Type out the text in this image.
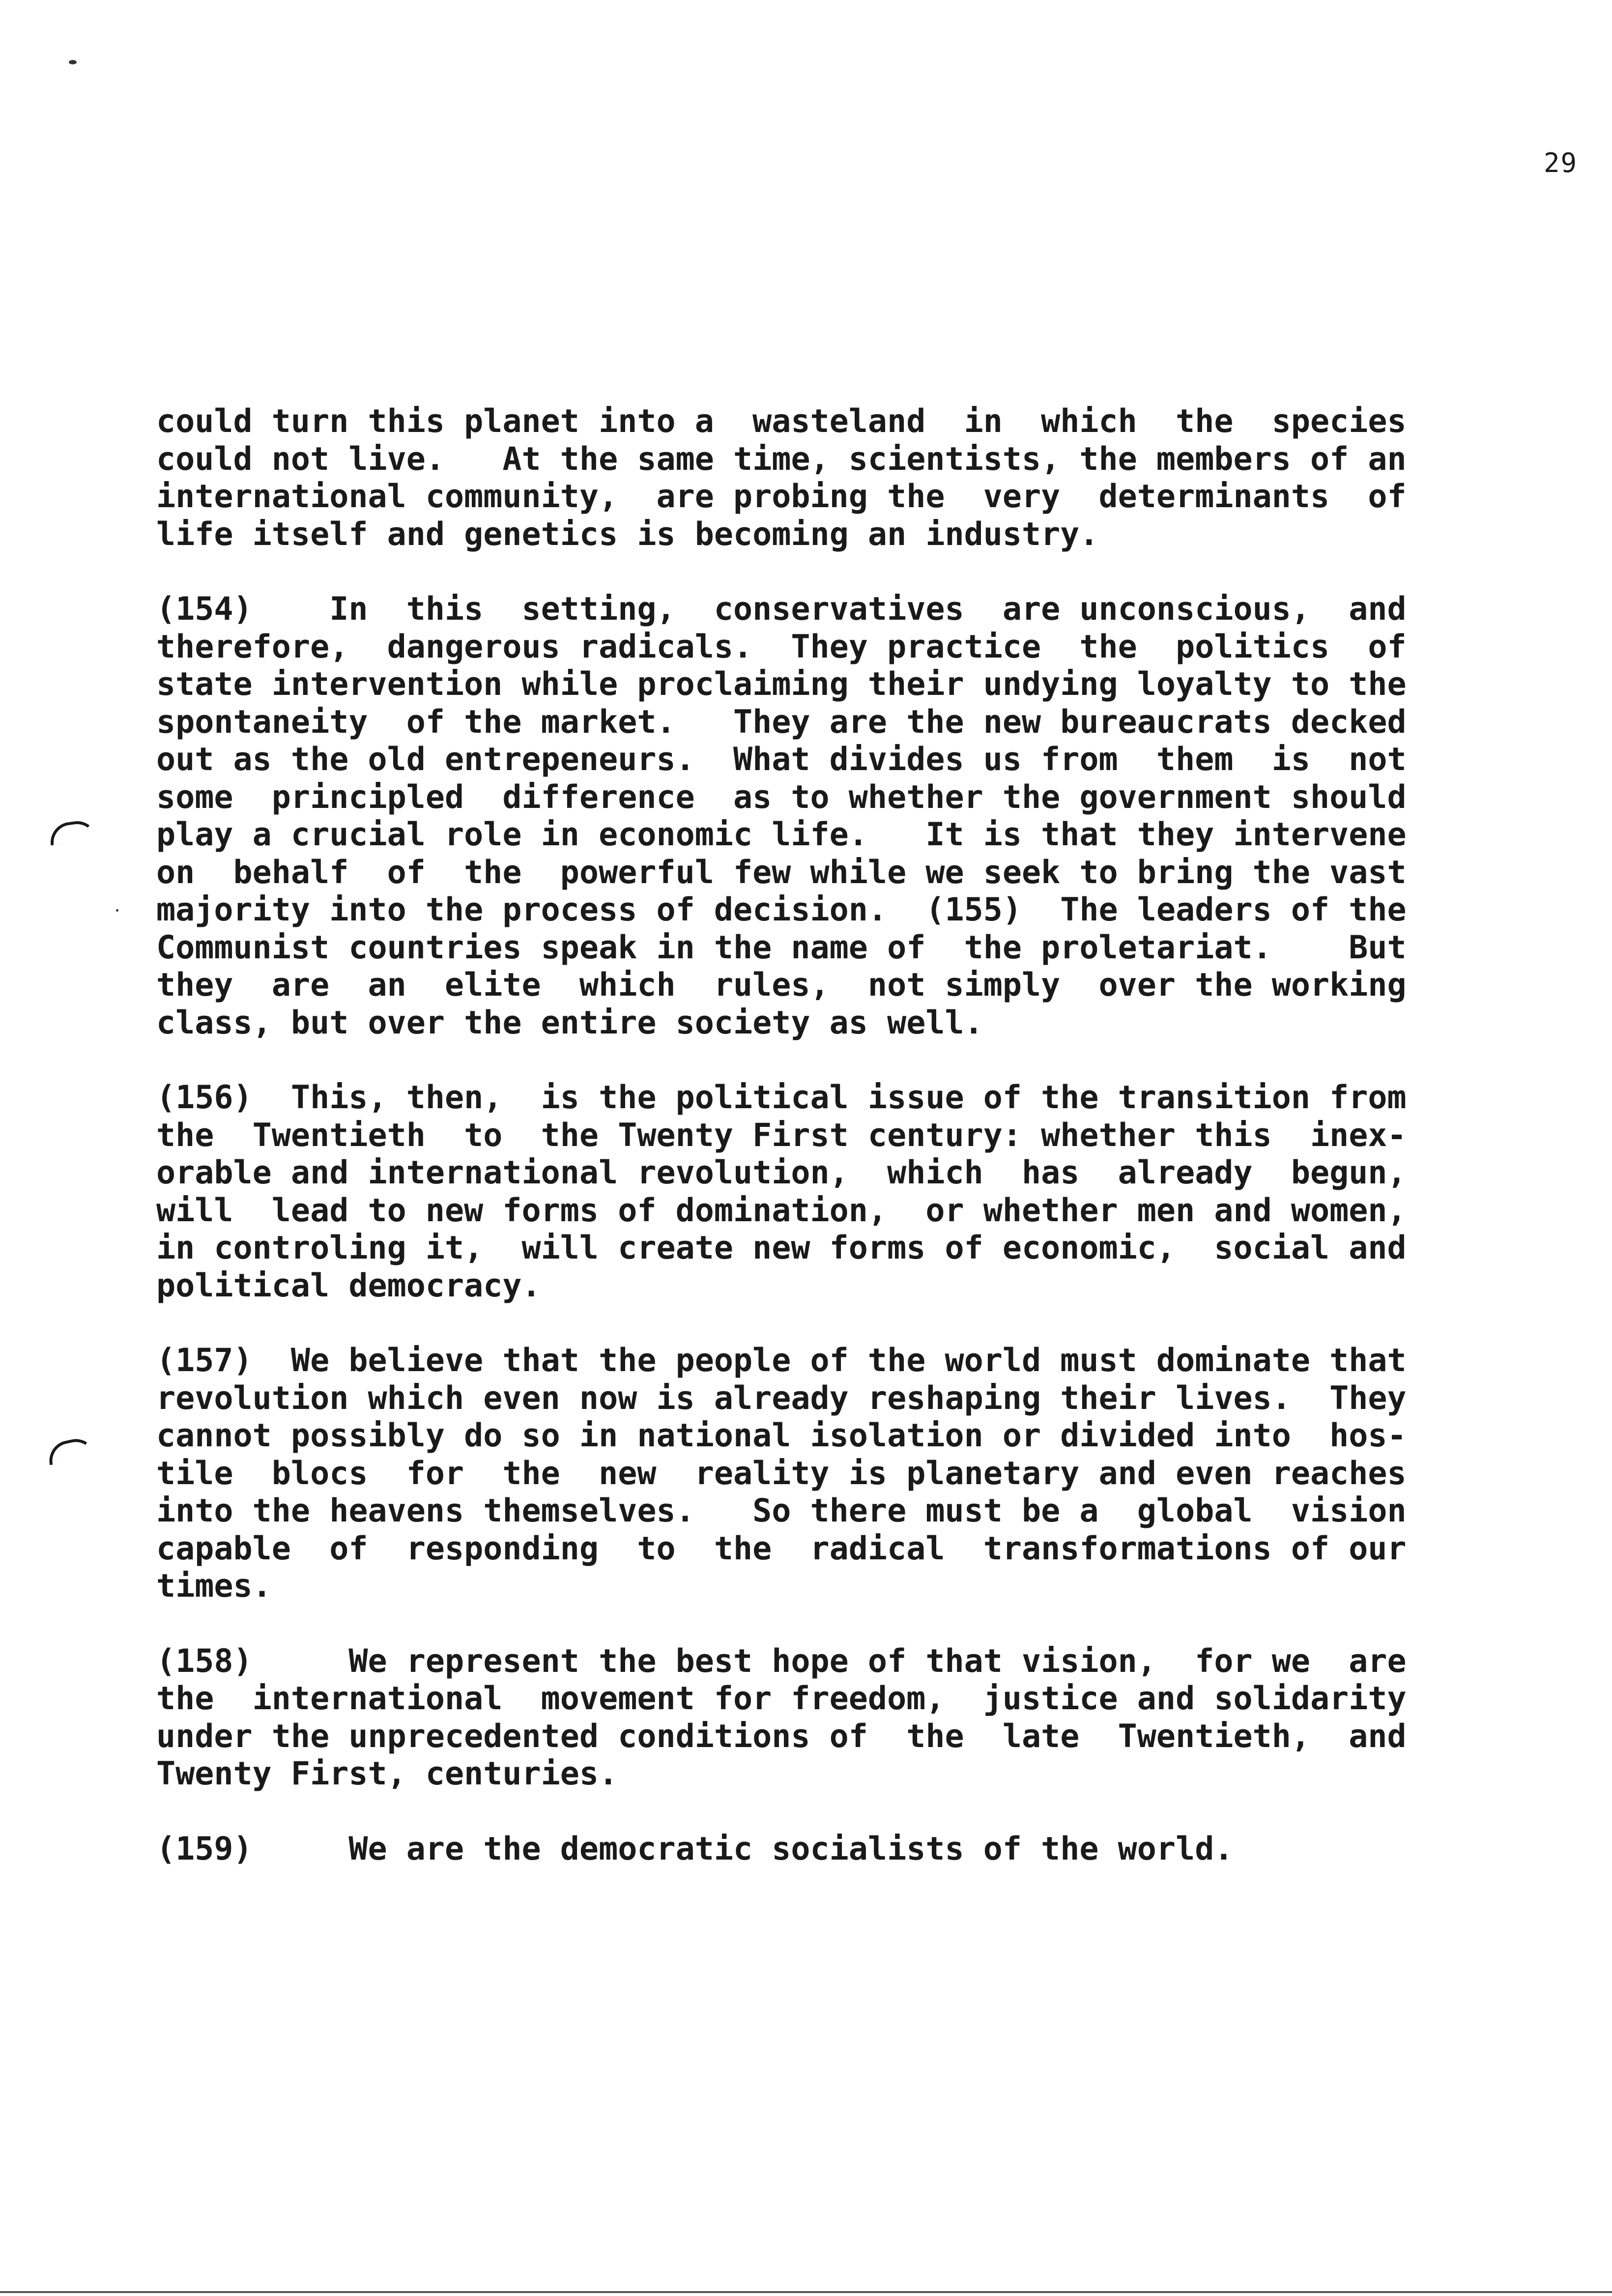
29
could turn this planet into a  wasteland  in  which  the  species
could not live.   At the same time, scientists, the members of an
international community,  are probing the  very  determinants  of
life itself and genetics is becoming an industry.
(154)    In  this  setting,  conservatives  are unconscious,  and
therefore,  dangerous radicals.  They practice  the  politics  of
state intervention while proclaiming their undying loyalty to the
spontaneity  of the market.   They are the new bureaucrats decked
out as the old entrepeneurs.  What divides us from  them  is  not
some  principled  difference  as to whether the government should
play a crucial role in economic life.   It is that they intervene
on  behalf  of  the  powerful few while we seek to bring the vast
majority into the process of decision.  (155)  The leaders of the
Communist countries speak in the name of  the proletariat.    But
they  are  an  elite  which  rules,  not simply  over the working
class, but over the entire society as well.
(156)  This, then,  is the political issue of the transition from
the  Twentieth  to  the Twenty First century: whether this  inex-
orable and international revolution,  which  has  already  begun,
will  lead to new forms of domination,  or whether men and women,
in controling it,  will create new forms of economic,  social and
political democracy.
(157)  We believe that the people of the world must dominate that
revolution which even now is already reshaping their lives.  They
cannot possibly do so in national isolation or divided into  hos-
tile  blocs  for  the  new  reality is planetary and even reaches
into the heavens themselves.   So there must be a  global  vision
capable  of  responding  to  the  radical  transformations of our
times.
(158)     We represent the best hope of that vision,  for we  are
the  international  movement for freedom,  justice and solidarity
under the unprecedented conditions of  the  late  Twentieth,  and
Twenty First, centuries.
(159)     We are the democratic socialists of the world.
